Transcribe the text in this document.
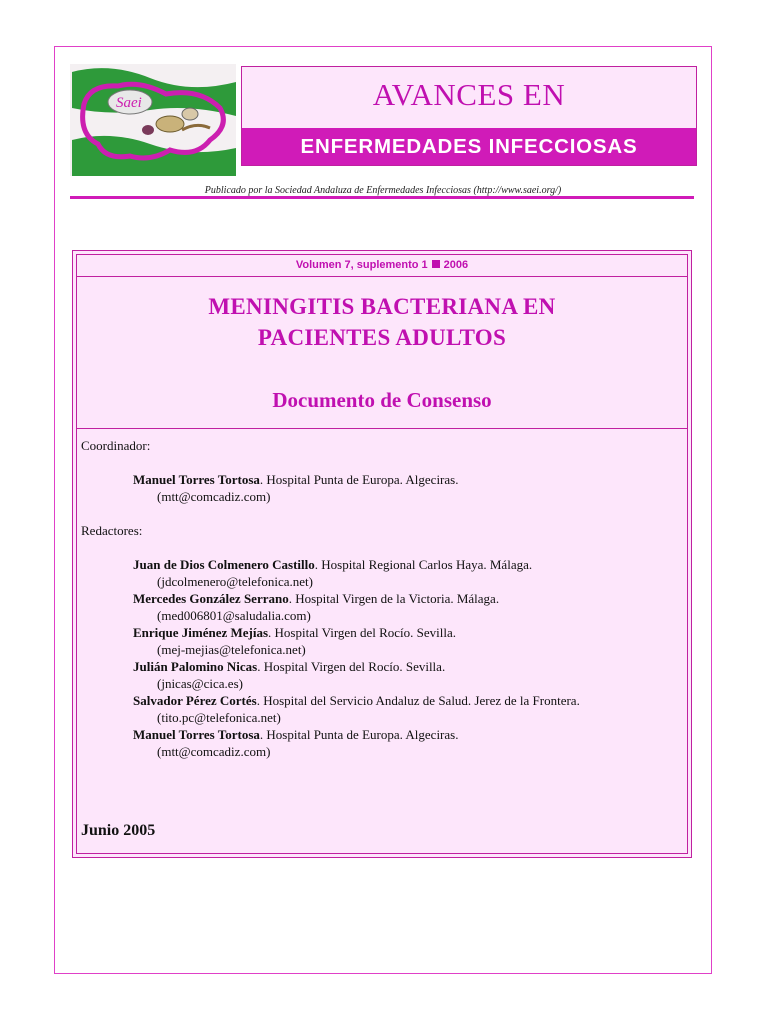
Saei	AVANCES EN
ENFERMEDADES INFECCIOSAS
Publicado por la Sociedad Andaluza de Enfermedades Infecciosas (http://www.saei.org/)
Volumen 7, suplemento 1 2006
MENINGITIS BACTERIANA EN PACIENTES ADULTOS
Documento de Consenso

Coordinador:

Manuel Torres Tortosa. Hospital Punta de Europa. Algeciras.
(mtt@comcadiz.com)

Redactores:

Juan de Dios Colmenero Castillo. Hospital Regional Carlos Haya. Málaga.
(jdcolmenero@telefonica.net)
Mercedes González Serrano. Hospital Virgen de la Victoria. Málaga.
(med006801@saludalia.com)
Enrique Jiménez Mejías. Hospital Virgen del Rocío. Sevilla.
(mej-mejias@telefonica.net)
Julián Palomino Nicas. Hospital Virgen del Rocío. Sevilla.
(jnicas@cica.es)
Salvador Pérez Cortés. Hospital del Servicio Andaluz de Salud. Jerez de la Frontera.
(tito.pc@telefonica.net)
Manuel Torres Tortosa. Hospital Punta de Europa. Algeciras.
(mtt@comcadiz.com)
Junio 2005
